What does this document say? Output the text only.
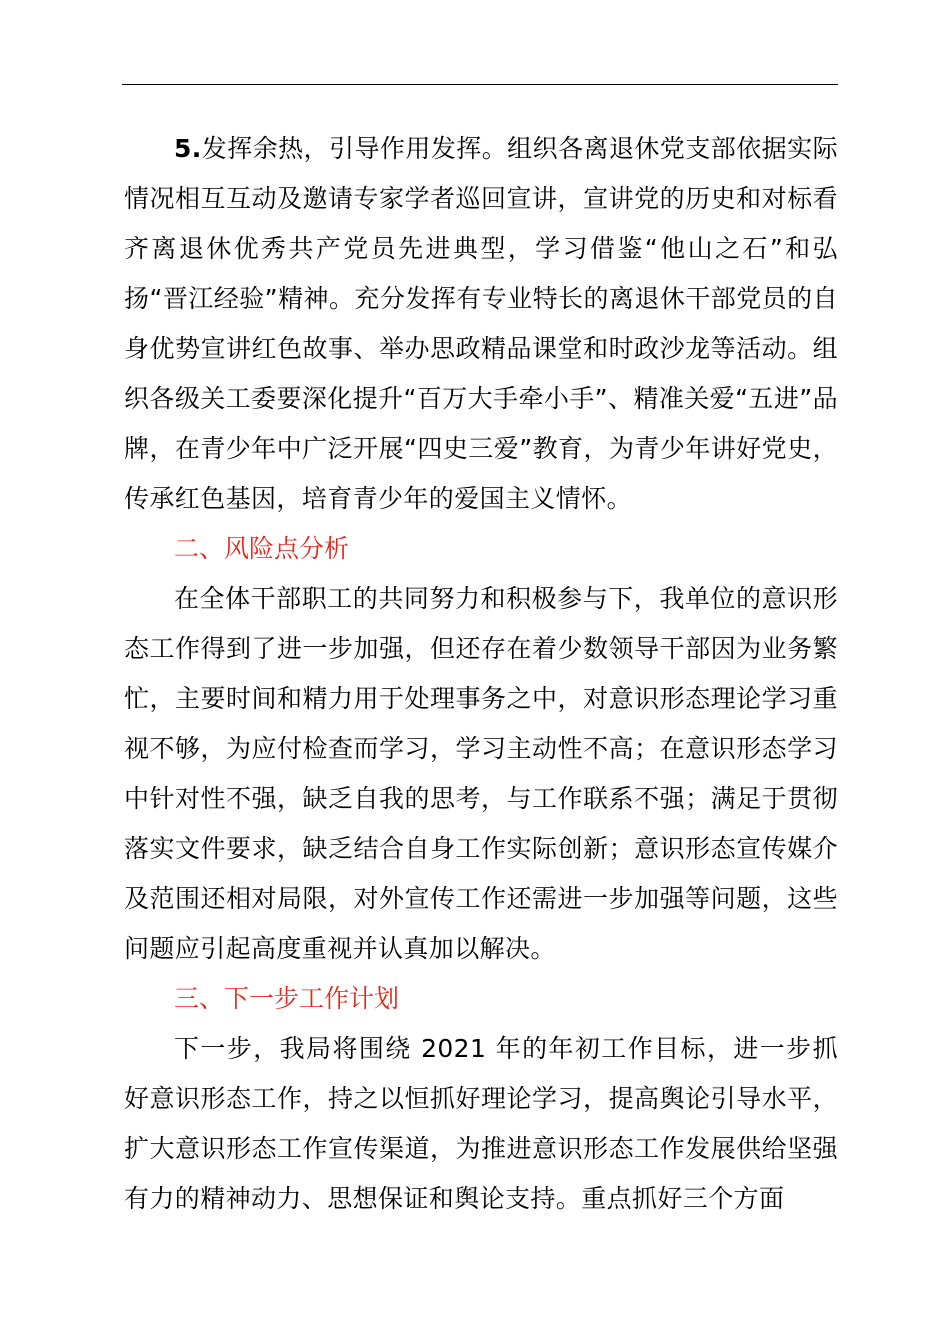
5.发挥余热，引导作用发挥。组织各离退休党支部依据实际情况相互互动及邀请专家学者巡回宣讲，宣讲党的历史和对标看齐离退休优秀共产党员先进典型，学习借鉴“他山之石”和弘扬“晋江经验”精神。充分发挥有专业特长的离退休干部党员的自身优势宣讲红色故事、举办思政精品课堂和时政沙龙等活动。组织各级关工委要深化提升“百万大手牵小手”、精准关爱“五进”品牌，在青少年中广泛开展“四史三爱”教育，为青少年讲好党史，传承红色基因，培育青少年的爱国主义情怀。

二、风险点分析

在全体干部职工的共同努力和积极参与下，我单位的意识形态工作得到了进一步加强，但还存在着少数领导干部因为业务繁忙，主要时间和精力用于处理事务之中，对意识形态理论学习重视不够，为应付检查而学习，学习主动性不高；在意识形态学习中针对性不强，缺乏自我的思考，与工作联系不强；满足于贯彻落实文件要求，缺乏结合自身工作实际创新；意识形态宣传媒介及范围还相对局限，对外宣传工作还需进一步加强等问题，这些问题应引起高度重视并认真加以解决。

三、下一步工作计划

下一步，我局将围绕 2021 年的年初工作目标，进一步抓好意识形态工作，持之以恒抓好理论学习，提高舆论引导水平，扩大意识形态工作宣传渠道，为推进意识形态工作发展供给坚强有力的精神动力、思想保证和舆论支持。重点抓好三个方面
